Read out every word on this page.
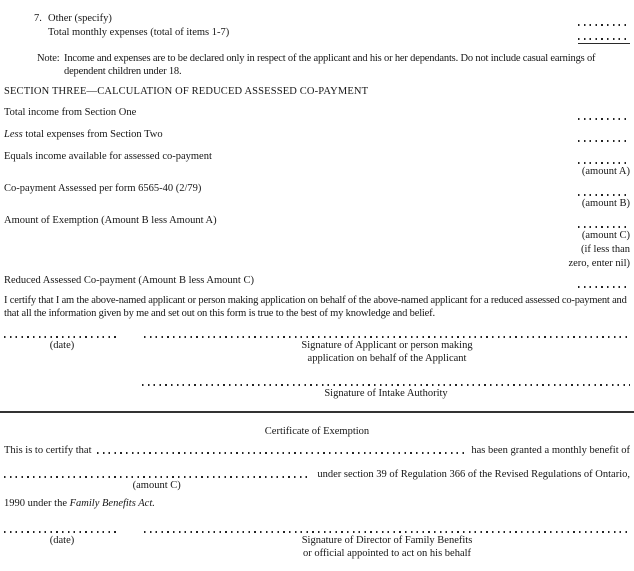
7. Other (specify)
Total monthly expenses (total of items 1-7)
Note: Income and expenses are to be declared only in respect of the applicant and his or her dependants. Do not include casual earnings of dependent children under 18.
SECTION THREE—CALCULATION OF REDUCED ASSESSED CO-PAYMENT
Total income from Section One
Less total expenses from Section Two
Equals income available for assessed co-payment
(amount A)
Co-payment Assessed per form 6565-40 (2/79)
(amount B)
Amount of Exemption (Amount B less Amount A)
(amount C)
(if less than
zero, enter nil)
Reduced Assessed Co-payment (Amount B less Amount C)
I certify that I am the above-named applicant or person making application on behalf of the above-named applicant for a reduced assessed co-payment and that all the information given by me and set out on this form is true to the best of my knowledge and belief.
(date)	Signature of Applicant or person making
application on behalf of the Applicant
Signature of Intake Authority
Certificate of Exemption
This is to certify that	has been granted a monthly benefit of
(amount C)
under section 39 of Regulation 366 of the Revised Regulations of Ontario,
1990 under the Family Benefits Act.
(date)	Signature of Director of Family Benefits
or official appointed to act on his behalf
